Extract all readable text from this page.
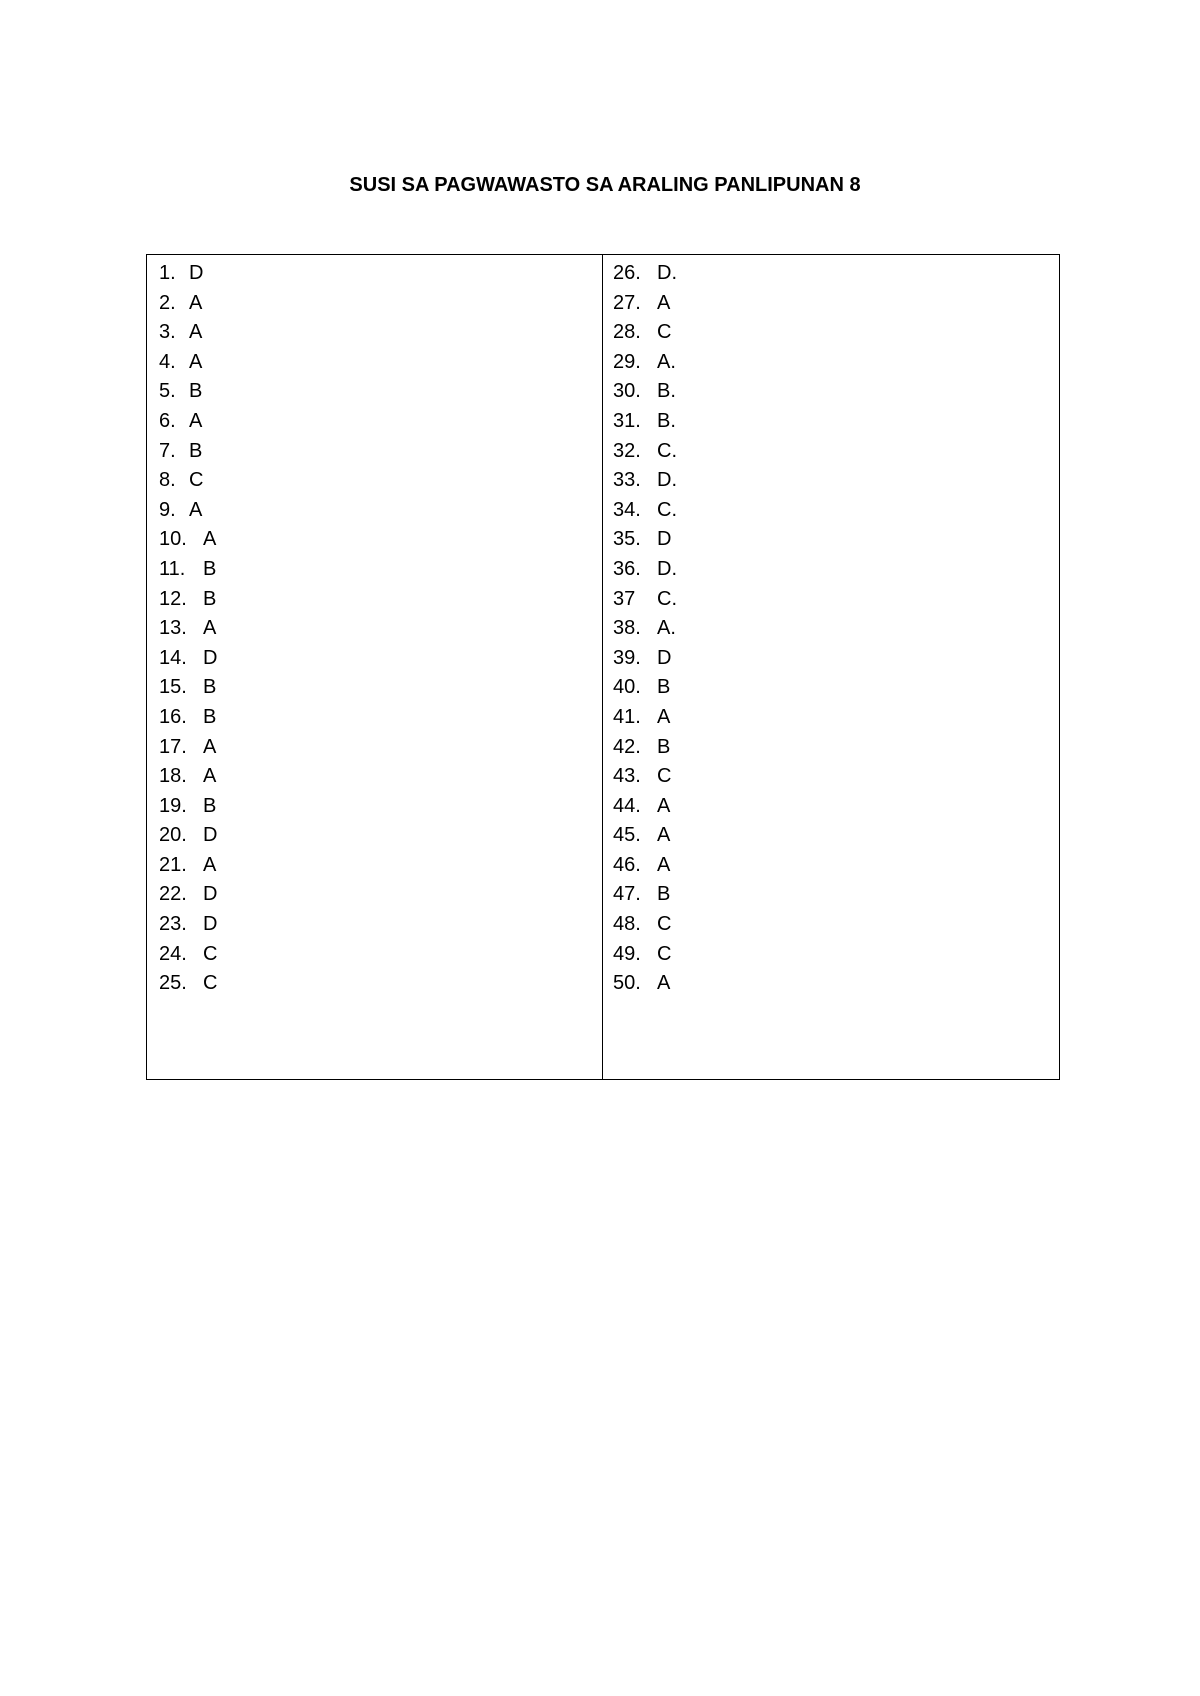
SUSI SA PAGWAWASTO SA ARALING PANLIPUNAN 8
1. D
2. A
3. A
4. A
5. B
6. A
7. B
8. C
9. A
10. A
11. B
12. B
13. A
14. D
15. B
16. B
17. A
18. A
19. B
20. D
21. A
22. D
23. D
24. C
25. C
26. D.
27. A
28. C
29. A.
30. B.
31. B.
32. C.
33. D.
34. C.
35. D
36. D.
37 C.
38. A.
39. D
40. B
41. A
42. B
43. C
44. A
45. A
46. A
47. B
48. C
49. C
50. A
